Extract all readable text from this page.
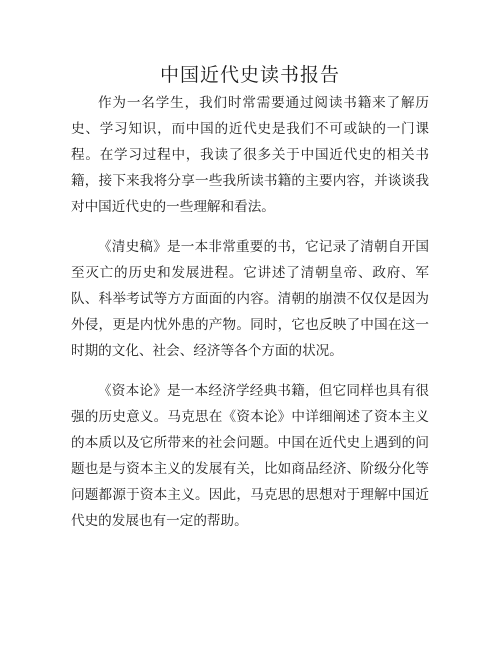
中国近代史读书报告

作为一名学生，我们时常需要通过阅读书籍来了解历史、学习知识，而中国的近代史是我们不可或缺的一门课程。在学习过程中，我读了很多关于中国近代史的相关书籍，接下来我将分享一些我所读书籍的主要内容，并谈谈我对中国近代史的一些理解和看法。

《清史稿》是一本非常重要的书，它记录了清朝自开国至灭亡的历史和发展进程。它讲述了清朝皇帝、政府、军队、科举考试等方方面面的内容。清朝的崩溃不仅仅是因为外侵，更是内忧外患的产物。同时，它也反映了中国在这一时期的文化、社会、经济等各个方面的状况。

《资本论》是一本经济学经典书籍，但它同样也具有很强的历史意义。马克思在《资本论》中详细阐述了资本主义的本质以及它所带来的社会问题。中国在近代史上遇到的问题也是与资本主义的发展有关，比如商品经济、阶级分化等问题都源于资本主义。因此，马克思的思想对于理解中国近代史的发展也有一定的帮助。
